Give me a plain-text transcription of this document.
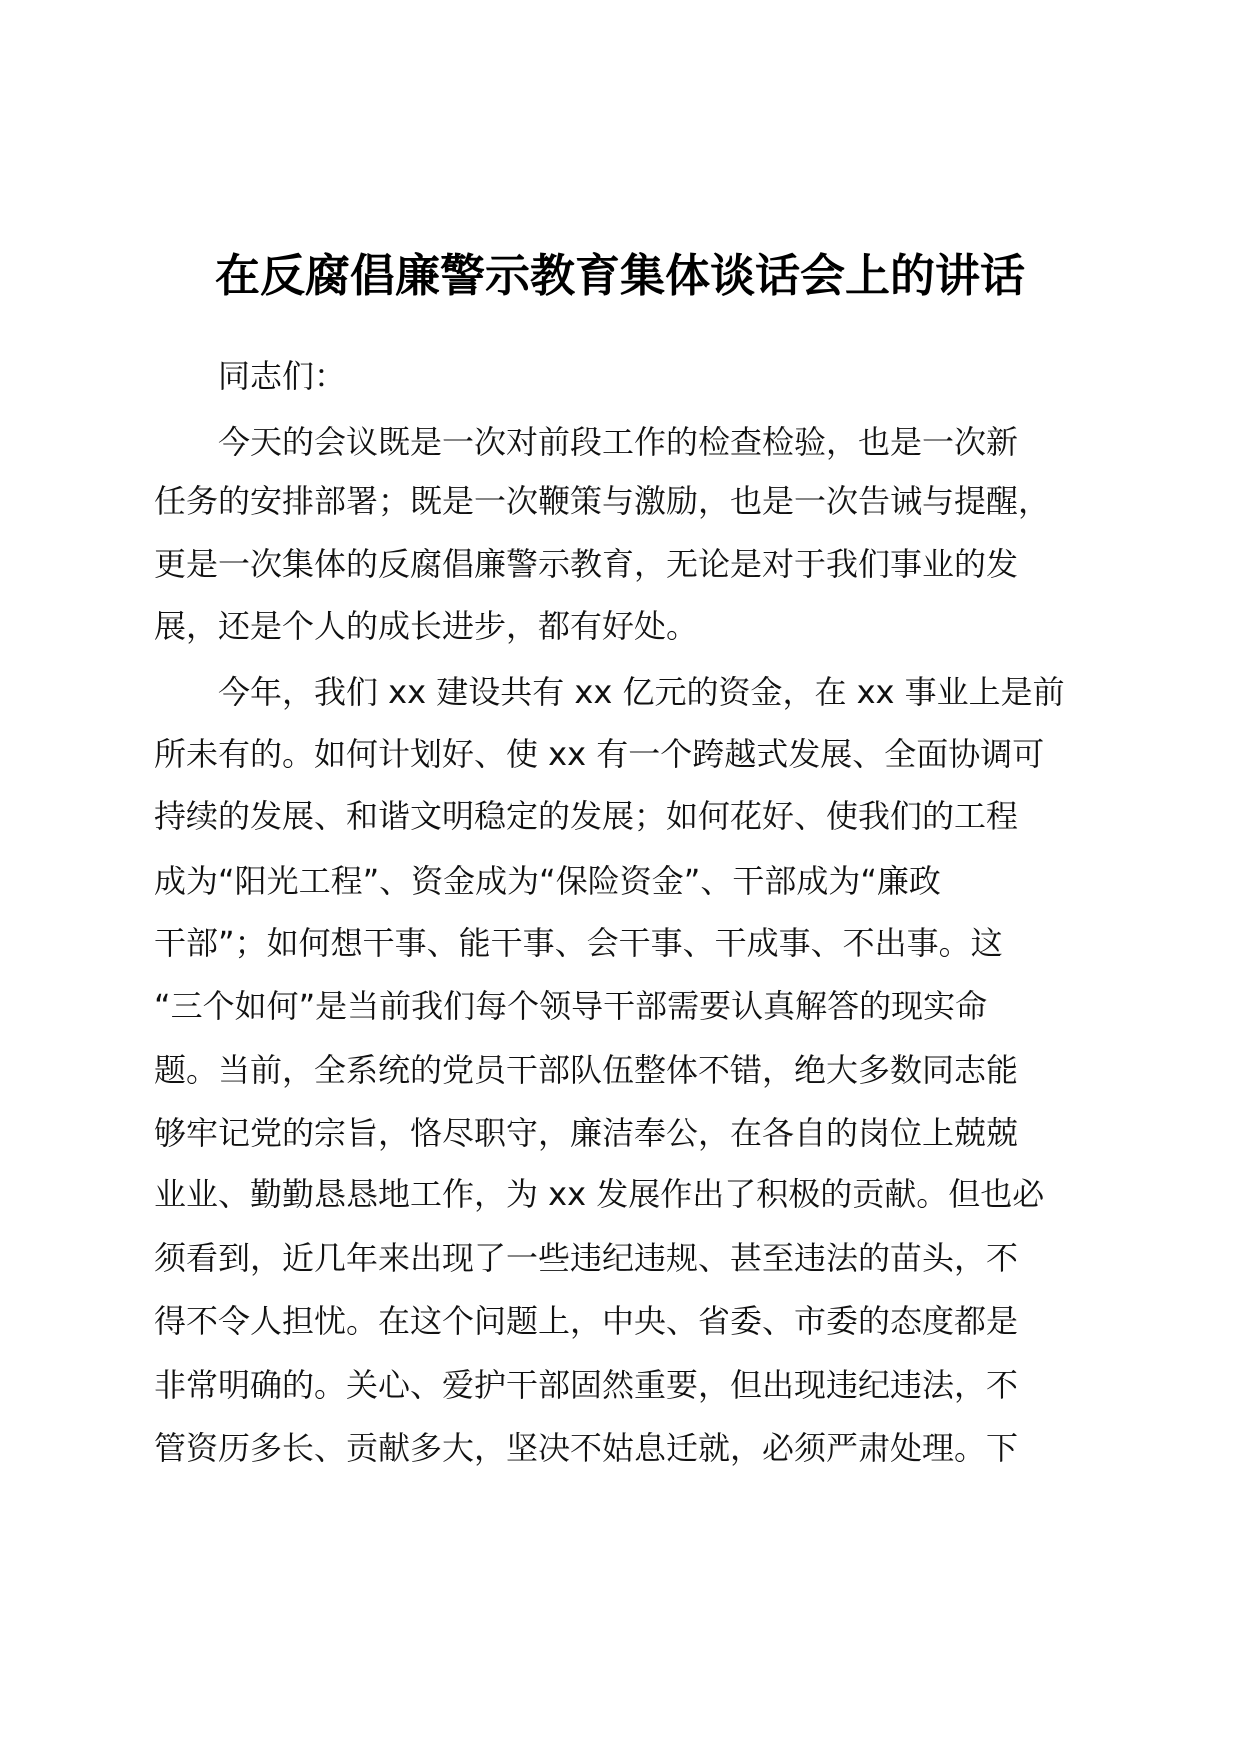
在反腐倡廉警示教育集体谈话会上的讲话
同志们：
今天的会议既是一次对前段工作的检查检验，也是一次新
任务的安排部署；既是一次鞭策与激励，也是一次告诫与提醒，
更是一次集体的反腐倡廉警示教育，无论是对于我们事业的发
展，还是个人的成长进步，都有好处。
今年，我们 xx 建设共有 xx 亿元的资金，在 xx 事业上是前
所未有的。如何计划好、使 xx 有一个跨越式发展、全面协调可
持续的发展、和谐文明稳定的发展；如何花好、使我们的工程
成为“阳光工程”、资金成为“保险资金”、干部成为“廉政
干部”；如何想干事、能干事、会干事、干成事、不出事。这
“三个如何”是当前我们每个领导干部需要认真解答的现实命
题。当前，全系统的党员干部队伍整体不错，绝大多数同志能
够牢记党的宗旨，恪尽职守，廉洁奉公，在各自的岗位上兢兢
业业、勤勤恳恳地工作，为 xx 发展作出了积极的贡献。但也必
须看到，近几年来出现了一些违纪违规、甚至违法的苗头，不
得不令人担忧。在这个问题上，中央、省委、市委的态度都是
非常明确的。关心、爱护干部固然重要，但出现违纪违法，不
管资历多长、贡献多大，坚决不姑息迁就，必须严肃处理。下
